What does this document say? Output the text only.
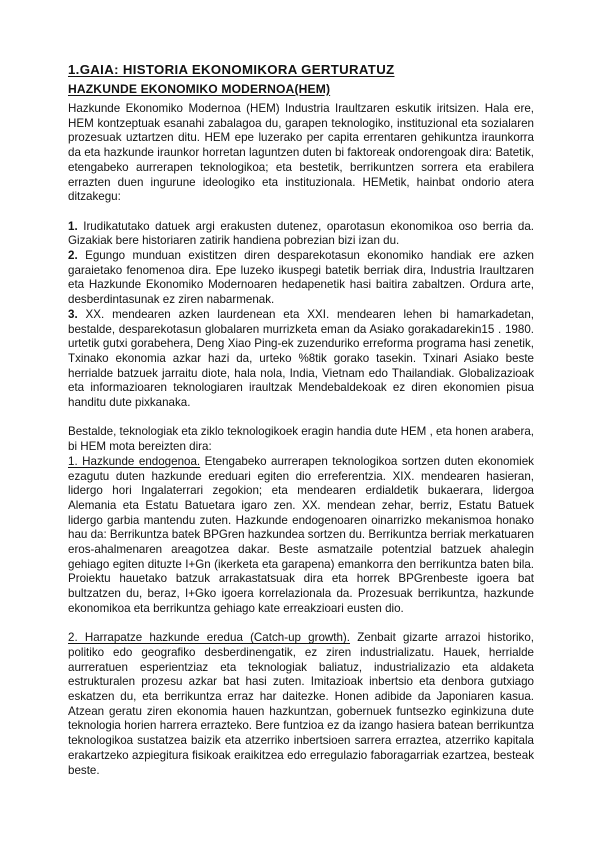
1.GAIA: HISTORIA EKONOMIKORA GERTURATUZ
HAZKUNDE EKONOMIKO MODERNOA(HEM)

Hazkunde Ekonomiko Modernoa (HEM) Industria Iraultzaren eskutik iritsizen. Hala ere, HEM kontzeptuak esanahi zabalagoa du, garapen teknologiko, instituzional eta sozialaren prozesuak uztartzen ditu. HEM epe luzerako per capita errentaren gehikuntza iraunkorra da eta hazkunde iraunkor horretan laguntzen duten bi faktoreak ondorengoak dira: Batetik, etengabeko aurrerapen teknologikoa; eta bestetik, berrikuntzen sorrera eta erabilera errazten duen ingurune ideologiko eta instituzionala. HEMetik, hainbat ondorio atera ditzakegu:

1. Irudikatutako datuek argi erakusten dutenez, oparotasun ekonomikoa oso berria da. Gizakiak bere historiaren zatirik handiena pobrezian bizi izan du.

2. Egungo munduan existitzen diren desparekotasun ekonomiko handiak ere azken garaietako fenomenoa dira. Epe luzeko ikuspegi batetik berriak dira, Industria Iraultzaren eta Hazkunde Ekonomiko Modernoaren hedapenetik hasi baitira zabaltzen. Ordura arte, desberdintasunak ez ziren nabarmenak.

3. XX. mendearen azken laurdenean eta XXI. mendearen lehen bi hamarkadetan, bestalde, desparekotasun globalaren murrizketa eman da Asiako gorakadarekin15 . 1980. urtetik gutxi gorabehera, Deng Xiao Ping-ek zuzenduriko erreforma programa hasi zenetik, Txinako ekonomia azkar hazi da, urteko %8tik gorako tasekin. Txinari Asiako beste herrialde batzuek jarraitu diote, hala nola, India, Vietnam edo Thailandiak. Globalizazioak eta informazioaren teknologiaren iraultzak Mendebaldekoak ez diren ekonomien pisua handitu dute pixkanaka.

Bestalde, teknologiak eta ziklo teknologikoek eragin handia dute HEM , eta honen arabera, bi HEM mota bereizten dira:

1. Hazkunde endogenoa. Etengabeko aurrerapen teknologikoa sortzen duten ekonomiek ezagutu duten hazkunde ereduari egiten dio erreferentzia. XIX. mendearen hasieran, lidergo hori Ingalaterrari zegokion; eta mendearen erdialdetik bukaerara, lidergoa Alemania eta Estatu Batuetara igaro zen. XX. mendean zehar, berriz, Estatu Batuek lidergo garbia mantendu zuten. Hazkunde endogenoaren oinarrizko mekanismoa honako hau da: Berrikuntza batek BPGren hazkundea sortzen du. Berrikuntza berriak merkatuaren eros-ahalmenaren areagotzea dakar. Beste asmatzaile potentzial batzuek ahalegin gehiago egiten dituzte I+Gn (ikerketa eta garapena) emankorra den berrikuntza baten bila. Proiektu hauetako batzuk arrakastatsuak dira eta horrek BPGrenbeste igoera bat bultzatzen du, beraz, I+Gko igoera korrelazionala da. Prozesuak berrikuntza, hazkunde ekonomikoa eta berrikuntza gehiago kate erreakzioari eusten dio.

2. Harrapatze hazkunde eredua (Catch-up growth). Zenbait gizarte arrazoi historiko, politiko edo geografiko desberdinengatik, ez ziren industrializatu. Hauek, herrialde aurreratuen esperientziaz eta teknologiak baliatuz, industrializazio eta aldaketa estrukturalen prozesu azkar bat hasi zuten. Imitazioak inbertsio eta denbora gutxiago eskatzen du, eta berrikuntza erraz har daitezke. Honen adibide da Japoniaren kasua. Atzean geratu ziren ekonomia hauen hazkuntzan, gobernuek funtsezko eginkizuna dute teknologia horien harrera errazteko. Bere funtzioa ez da izango hasiera batean berrikuntza teknologikoa sustatzea baizik eta atzerriko inbertsioen sarrera erraztea, atzerriko kapitala erakartzeko azpiegitura fisikoak eraikitzea edo erregulazio faboragarriak ezartzea, besteak beste.
